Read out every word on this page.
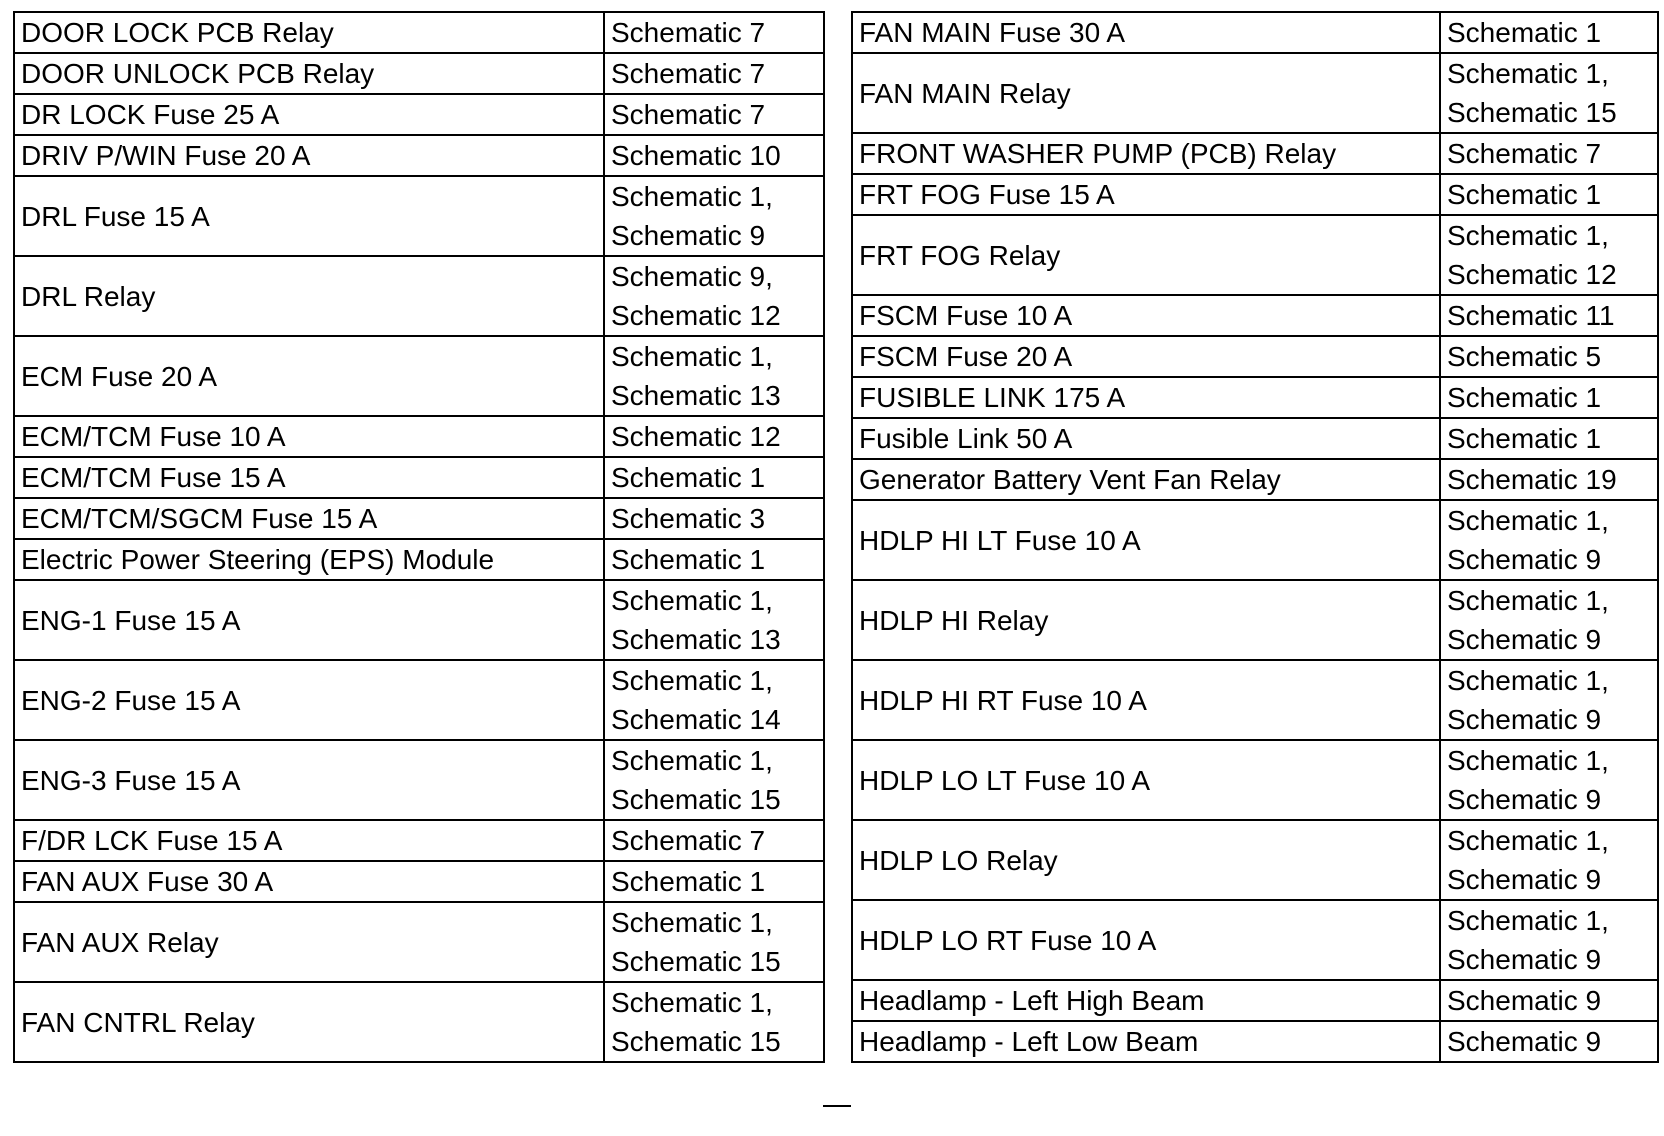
DOOR LOCK PCB Relay	Schematic 7

DOOR UNLOCK PCB Relay	Schematic 7

DR LOCK Fuse 25 A	Schematic 7

DRIV P/WIN Fuse 20 A	Schematic 10

DRL Fuse 15 A	Schematic 1,
Schematic 9

DRL Relay	Schematic 9,
Schematic 12

ECM Fuse 20 A	Schematic 1,
Schematic 13

ECM/TCM Fuse 10 A	Schematic 12

ECM/TCM Fuse 15 A	Schematic 1

ECM/TCM/SGCM Fuse 15 A	Schematic 3

Electric Power Steering (EPS) Module	Schematic 1

ENG-1 Fuse 15 A	Schematic 1,
Schematic 13

ENG-2 Fuse 15 A	Schematic 1,
Schematic 14

ENG-3 Fuse 15 A	Schematic 1,
Schematic 15

F/DR LCK Fuse 15 A	Schematic 7

FAN AUX Fuse 30 A	Schematic 1

FAN AUX Relay	Schematic 1,
Schematic 15

FAN CNTRL Relay	Schematic 1,
Schematic 15
FAN MAIN Fuse 30 A	Schematic 1

FAN MAIN Relay	Schematic 1,
Schematic 15

FRONT WASHER PUMP (PCB) Relay	Schematic 7

FRT FOG Fuse 15 A	Schematic 1

FRT FOG Relay	Schematic 1,
Schematic 12

FSCM Fuse 10 A	Schematic 11

FSCM Fuse 20 A	Schematic 5

FUSIBLE LINK 175 A	Schematic 1

Fusible Link 50 A	Schematic 1

Generator Battery Vent Fan Relay	Schematic 19

HDLP HI LT Fuse 10 A	Schematic 1,
Schematic 9

HDLP HI Relay	Schematic 1,
Schematic 9

HDLP HI RT Fuse 10 A	Schematic 1,
Schematic 9

HDLP LO LT Fuse 10 A	Schematic 1,
Schematic 9

HDLP LO Relay	Schematic 1,
Schematic 9

HDLP LO RT Fuse 10 A	Schematic 1,
Schematic 9

Headlamp - Left High Beam	Schematic 9

Headlamp - Left Low Beam	Schematic 9
